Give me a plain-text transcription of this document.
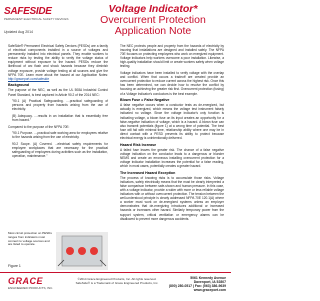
SAFESIDE
PERMANENT ELECTRICAL SAFETY DEVICES
Voltage Indicator*
Overcurrent Protection
Application Note
Updated Aug 2014

SafeSide® Permanent Electrical Safety Devices (PESDs) are a family of electrical components installed in a source of voltages and permanently installed into electrical panels. They enable workers to reduce risks by testing the ability to verify the voltage status of equipment without exposure to the hazard. PESDs reduce the likelihood of arc flash and shock hazards because they diminish voltage exposure, provide voltage testing at all sources and give the NFPA 70E. Learn more about the hazard at our Application Notes: http://graceport.com/safeside

Background

The purpose of the NEC, as well as the UL 508A Industrial Control Panel Standard, is best captured in Article 90.2 of the 2014 NEC:

"90.1 (A) Practical Safeguarding. ....practical safeguarding of persons and property from hazards arising from the use of electricity.

(B) Adequacy. ....results in an installation that is essentially free from hazard."

Compared to the purpose of the NFPA 70E:

"90.1 Purpose. ....practical safe working area for employees relative to the hazards arising from the use of electricity.

90.2 Scope. (A) Covered. ...electrical safety requirements for employee workplaces that are necessary for the practical safeguarding of employees during activities such as the installation, operation, maintenance."

Most circuit protection on PESDs ranges from indicators must connect to voltage sources and are listed to operate.
Figure 1

The NEC protects people and property from the hazards of electricity by insuring that installations are designed and installed safely. The NFPA 70E focuses on protecting employees who work on energized equipment. Voltage indicators help workers overcome a poor installation. Likewise, a high-quality installation should limit or create workers safety when voltage testing.

Voltage indicators have been installed to verify voltage with the overlap and conflict. When that occurs a tradeoff are created provide an overcurrent protection to reduce current across the highest risk. Once this has been determined, we can decide how to resolve the conflict by focusing on achieving the greater risk first. Overcurrent protection (fusing) of a Voltage Indicator's conductors is the best example.

Blown Fuse = False Negative

A false negative occurs when a conductor tests as de-energized, but actually is energized, which means the voltage test instrument falsely indicated no voltage. Since the voltage indicator's only function is indicating voltage, a blown fuse on its input creates an opportunity for a false-negative indication of voltage, which is a hazard. A blown fuse can also transmit potentials (figure 1) at a wrong time of potential. The best fuse will fail with minimal time, relationship ability where one may be in direct contact with a PESD prevents its ability to protect because electrical energy is unintentionally delivered.

Hazard Risk Increase

A failed fuse leaves the greater risk. The chance of a false negative voltage indication on the conductor leads to a dangerous or blunder NEMS and create an erroneous installing overcurrent protection for a voltage indicator installation increases the potential for a false reading, which in most cases, potentially creates a greater hazard.

The Increased Hazard Exception

The process of knowing risks is to accumulate those risks. Voltage indicators, safely electrically means that the must be clearly interpreted a false comparison between safe-shown and human pressure. In this case, with a voltage indicator, provide a wider with more or less reliable voltage indicators with or without overcurrent protection. The tension between the well-understood principle is clearly addressed NFPA 70E 120.1(A) where a worker must work on de-energized systems unless an employer demonstrates that de-energizing introduces additional or increased hazards or increases other hazard. Similarly temporary power from the support system, critical ventilation or emergency alarms can be disallowed to prevent more dangerous accidents.

GRACE
ENGINEERED PRODUCTS, INC.
©2014 Grace Engineered Products, Inc. All rights reserved. SafeSide® is a Trademark of Grace Engineered Products, Inc.
5061 Kennedy Avenue
Davenport, IA 52807
(800) 280-0517 | Fax: (563) 386-9639
www.graceport.com
